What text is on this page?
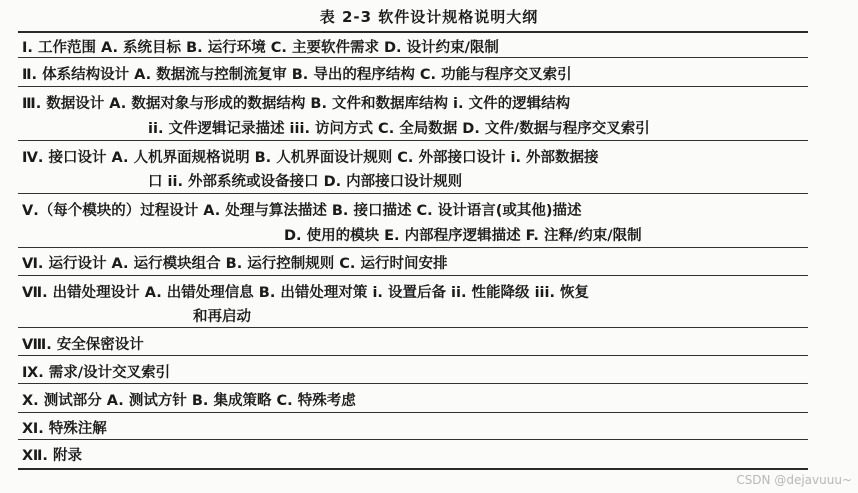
表 2-3 软件设计规格说明大纲
Ⅰ. 工作范围 A. 系统目标 B. 运行环境 C. 主要软件需求 D. 设计约束/限制
Ⅱ. 体系结构设计 A. 数据流与控制流复审 B. 导出的程序结构 C. 功能与程序交叉索引
Ⅲ. 数据设计 A. 数据对象与形成的数据结构 B. 文件和数据库结构 i. 文件的逻辑结构
ii. 文件逻辑记录描述 iii. 访问方式 C. 全局数据 D. 文件/数据与程序交叉索引
Ⅳ. 接口设计 A. 人机界面规格说明 B. 人机界面设计规则 C. 外部接口设计 i. 外部数据接
口 ii. 外部系统或设备接口 D. 内部接口设计规则
Ⅴ.（每个模块的）过程设计 A. 处理与算法描述 B. 接口描述 C. 设计语言(或其他)描述
D. 使用的模块 E. 内部程序逻辑描述 F. 注释/约束/限制
Ⅵ. 运行设计 A. 运行模块组合 B. 运行控制规则 C. 运行时间安排
Ⅶ. 出错处理设计 A. 出错处理信息 B. 出错处理对策 i. 设置后备 ii. 性能降级 iii. 恢复
和再启动
Ⅷ. 安全保密设计
Ⅸ. 需求/设计交叉索引
Ⅹ. 测试部分 A. 测试方针 B. 集成策略 C. 特殊考虑
Ⅺ. 特殊注解
Ⅻ. 附录
CSDN @dejavuuu~
